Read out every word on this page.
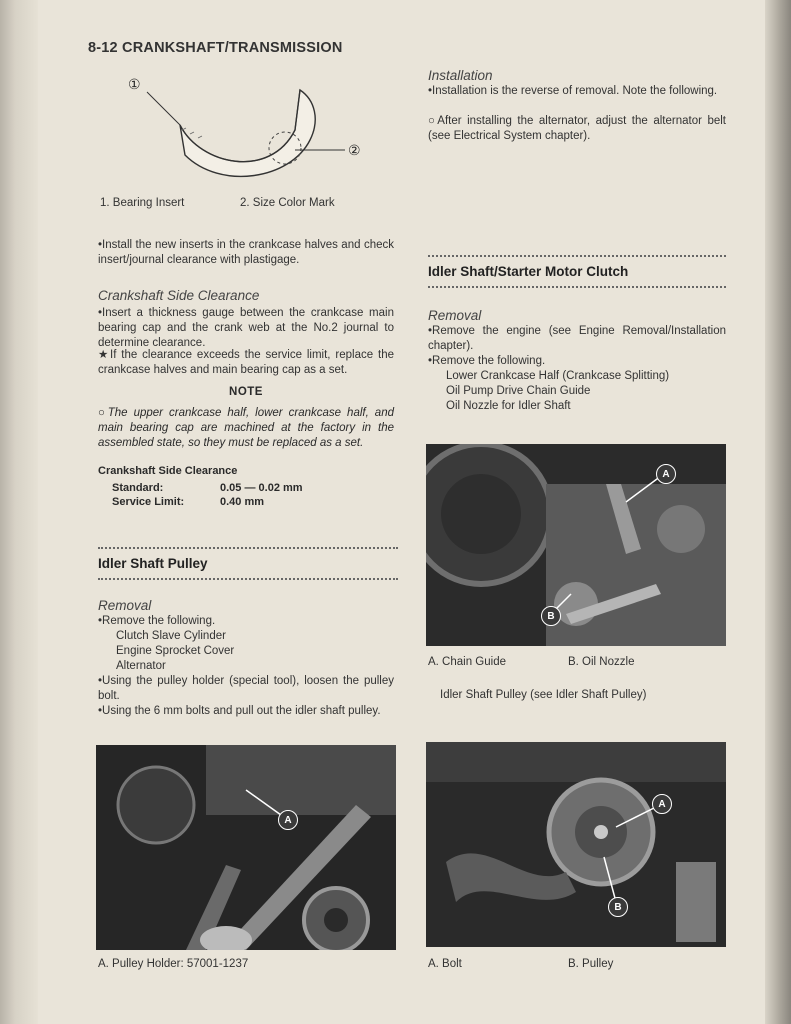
8-12 CRANKSHAFT/TRANSMISSION
①
②
1. Bearing Insert	2. Size Color Mark
•Install the new inserts in the crankcase halves and check insert/journal clearance with plastigage.
Crankshaft Side Clearance
•Insert a thickness gauge between the crankcase main bearing cap and the crank web at the No.2 journal to determine clearance.
★If the clearance exceeds the service limit, replace the crankcase halves and main bearing cap as a set.
NOTE
○The upper crankcase half, lower crankcase half, and main bearing cap are machined at the factory in the assembled state, so they must be replaced as a set.
Crankshaft Side Clearance
Standard:	0.05 — 0.02 mm
Service Limit:	0.40 mm
Idler Shaft Pulley
Removal
•Remove the following.
Clutch Slave Cylinder
Engine Sprocket Cover
Alternator
•Using the pulley holder (special tool), loosen the pulley bolt.
•Using the 6 mm bolts and pull out the idler shaft pulley.
A
A. Pulley Holder: 57001-1237
Installation
•Installation is the reverse of removal. Note the following.
○After installing the alternator, adjust the alternator belt (see Electrical System chapter).
Idler Shaft/Starter Motor Clutch
Removal
•Remove the engine (see Engine Removal/Installation chapter).
•Remove the following.
Lower Crankcase Half (Crankcase Splitting)
Oil Pump Drive Chain Guide
Oil Nozzle for Idler Shaft
A
B
A. Chain Guide	B. Oil Nozzle
Idler Shaft Pulley (see Idler Shaft Pulley)
A
B
A. Bolt	B. Pulley
